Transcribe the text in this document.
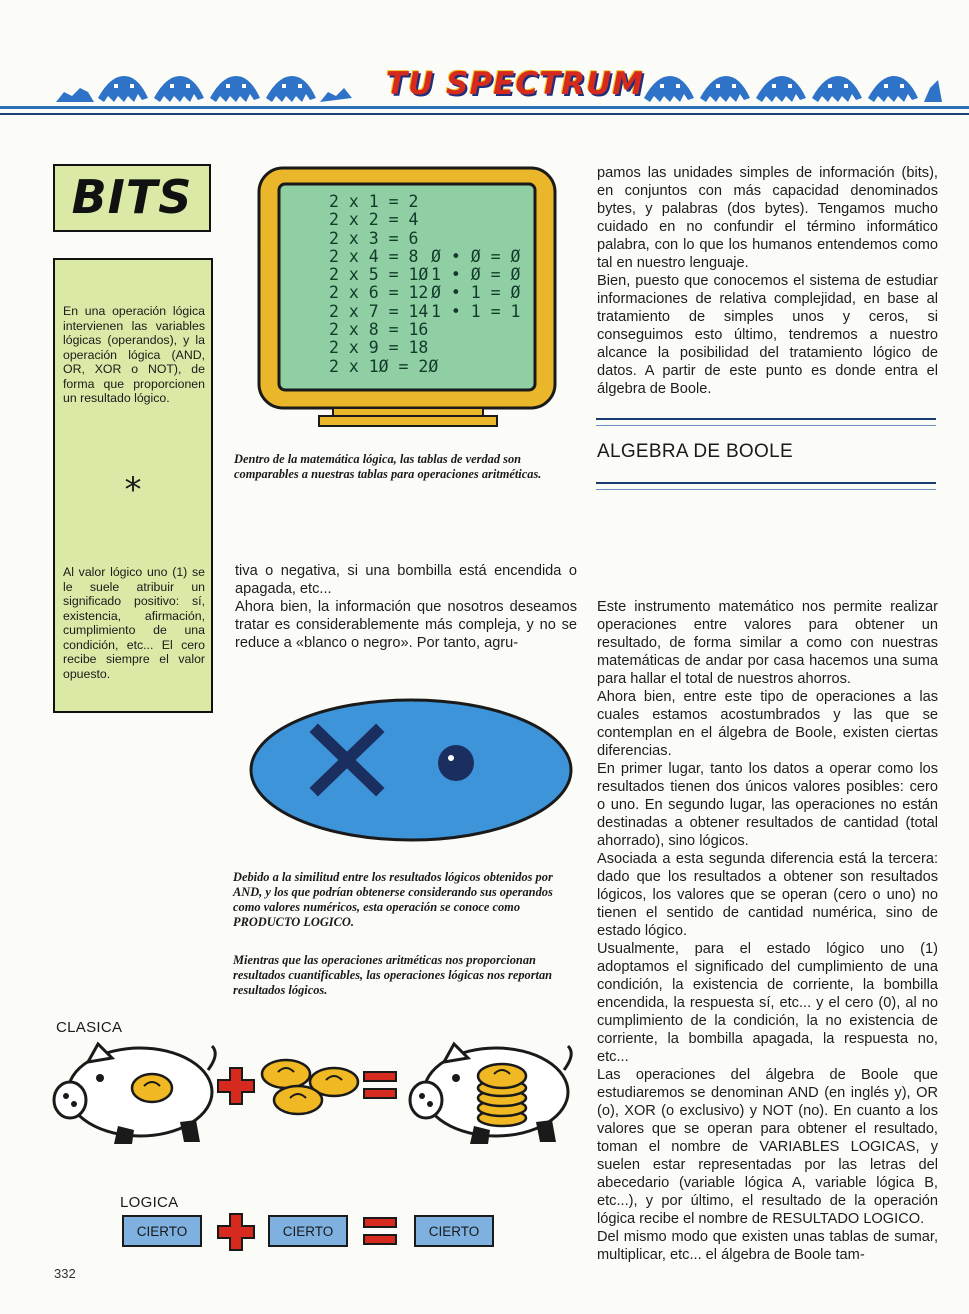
TU SPECTRUM
BITS
En una operación lógica intervienen las variables lógicas (operandos), y la operación lógica (AND, OR, XOR o NOT), de forma que proporcionen un resultado lógico.
*
Al valor lógico uno (1) se le suele atribuir un significado positivo: sí, existencia, afirmación, cumplimiento de una condición, etc... El cero recibe siempre el valor opuesto.
2 x 1 = 2
2 x 2 = 4
2 x 3 = 6
2 x 4 = 8
2 x 5 = 1Ø
2 x 6 = 12
2 x 7 = 14
2 x 8 = 16
2 x 9 = 18
2 x 1Ø = 2Ø

Ø • Ø = Ø
1 • Ø = Ø
Ø • 1 = Ø
1 • 1 = 1
Dentro de la matemática lógica, las tablas de verdad son comparables a nuestras tablas para operaciones aritméticas.

tiva o negativa, si una bombilla está encendida o apagada, etc...

Ahora bien, la información que nosotros deseamos tratar es considerablemente más compleja, y no se reduce a «blanco o negro». Por tanto, agru-

Debido a la similitud entre los resultados lógicos obtenidos por AND, y los que podrían obtenerse considerando sus operandos como valores numéricos, esta operación se conoce como PRODUCTO LOGICO.
Mientras que las operaciones aritméticas nos proporcionan resultados cuantificables, las operaciones lógicas nos reportan resultados lógicos.

pamos las unidades simples de información (bits), en conjuntos con más capacidad denominados bytes, y palabras (dos bytes). Tengamos mucho cuidado en no confundir el término informático palabra, con lo que los humanos entendemos como tal en nuestro lenguaje.

Bien, puesto que conocemos el sistema de estudiar informaciones de relativa complejidad, en base al tratamiento de simples unos y ceros, si conseguimos esto último, tendremos a nuestro alcance la posibilidad del tratamiento lógico de datos. A partir de este punto es donde entra el álgebra de Boole.

ALGEBRA DE BOOLE

Este instrumento matemático nos permite realizar operaciones entre valores para obtener un resultado, de forma similar a como con nuestras matemáticas de andar por casa hacemos una suma para hallar el total de nuestros ahorros.

Ahora bien, entre este tipo de operaciones a las cuales estamos acostumbrados y las que se contemplan en el álgebra de Boole, existen ciertas diferencias.

En primer lugar, tanto los datos a operar como los resultados tienen dos únicos valores posibles: cero o uno. En segundo lugar, las operaciones no están destinadas a obtener resultados de cantidad (total ahorrado), sino lógicos.

Asociada a esta segunda diferencia está la tercera: dado que los resultados a obtener son resultados lógicos, los valores que se operan (cero o uno) no tienen el sentido de cantidad numérica, sino de estado lógico.

Usualmente, para el estado lógico uno (1) adoptamos el significado del cumplimiento de una condición, la existencia de corriente, la bombilla encendida, la respuesta sí, etc... y el cero (0), al no cumplimiento de la condición, la no existencia de corriente, la bombilla apagada, la respuesta no, etc...

Las operaciones del álgebra de Boole que estudiaremos se denominan AND (en inglés y), OR (o), XOR (o exclusivo) y NOT (no). En cuanto a los valores que se operan para obtener el resultado, toman el nombre de VARIABLES LOGICAS, y suelen estar representadas por las letras del abecedario (variable lógica A, variable lógica B, etc...), y por último, el resultado de la operación lógica recibe el nombre de RESULTADO LOGICO.

Del mismo modo que existen unas tablas de sumar, multiplicar, etc... el álgebra de Boole tam-

CLASICA
LOGICA
CIERTO	CIERTO	CIERTO
332
